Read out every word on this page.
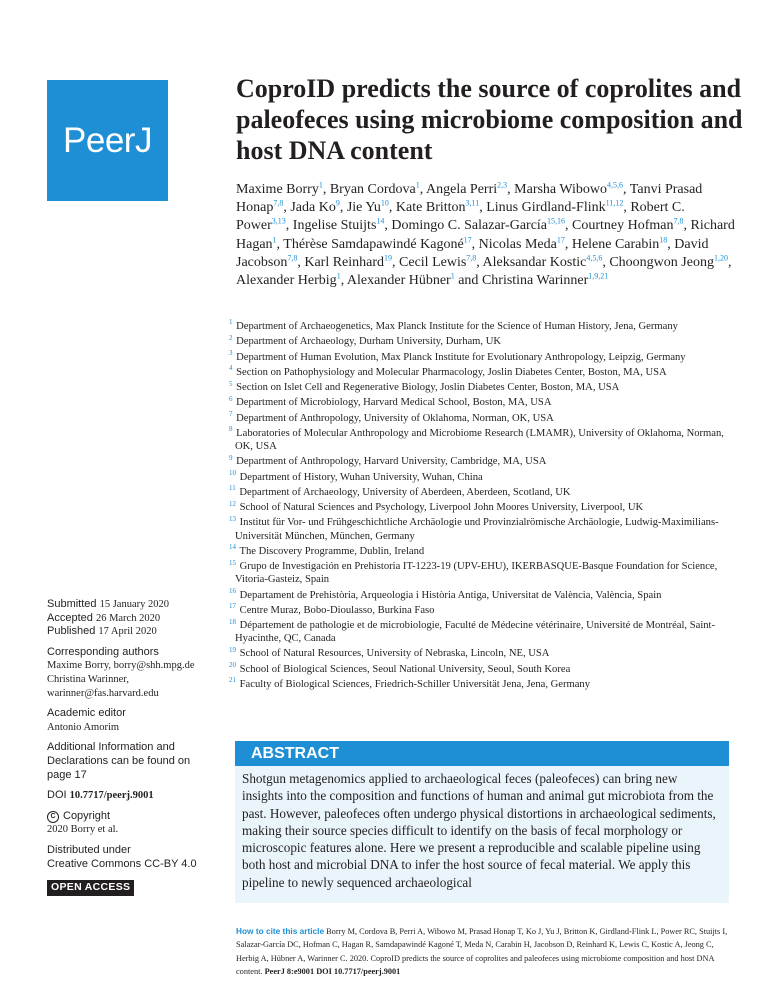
PeerJ
CoproID predicts the source of coprolites and paleofeces using microbiome composition and host DNA content
Maxime Borry$^1$, Bryan Cordova$^1$, Angela Perri$^{2,3}$, Marsha Wibowo$^{4,5,6}$, Tanvi Prasad Honap$^{7,8}$, Jada Ko$^9$, Jie Yu$^{10}$, Kate Britton$^{3,11}$, Linus Girdland-Flink$^{11,12}$, Robert C. Power$^{3,13}$, Ingelise Stuijts$^{14}$, Domingo C. Salazar-García$^{15,16}$, Courtney Hofman$^{7,8}$, Richard Hagan$^1$, Thérèse Samdapawindé Kagoné$^{17}$, Nicolas Meda$^{17}$, Helene Carabin$^{18}$, David Jacobson$^{7,8}$, Karl Reinhard$^{19}$, Cecil Lewis$^{7,8}$, Aleksandar Kostic$^{4,5,6}$, Choongwon Jeong$^{1,20}$, Alexander Herbig$^1$, Alexander Hübner$^1$ and Christina Warinner$^{1,9,21}$
$^1$ Department of Archaeogenetics, Max Planck Institute for the Science of Human History, Jena, Germany
$^2$ Department of Archaeology, Durham University, Durham, UK
$^3$ Department of Human Evolution, Max Planck Institute for Evolutionary Anthropology, Leipzig, Germany
$^4$ Section on Pathophysiology and Molecular Pharmacology, Joslin Diabetes Center, Boston, MA, USA
$^5$ Section on Islet Cell and Regenerative Biology, Joslin Diabetes Center, Boston, MA, USA
$^6$ Department of Microbiology, Harvard Medical School, Boston, MA, USA
$^7$ Department of Anthropology, University of Oklahoma, Norman, OK, USA
$^8$ Laboratories of Molecular Anthropology and Microbiome Research (LMAMR), University of Oklahoma, Norman, OK, USA
$^9$ Department of Anthropology, Harvard University, Cambridge, MA, USA
$^{10}$ Department of History, Wuhan University, Wuhan, China
$^{11}$ Department of Archaeology, University of Aberdeen, Aberdeen, Scotland, UK
$^{12}$ School of Natural Sciences and Psychology, Liverpool John Moores University, Liverpool, UK
$^{13}$ Institut für Vor- und Frühgeschichtliche Archäologie und Provinzialrömische Archäologie, Ludwig-Maximilians-Universität München, München, Germany
$^{14}$ The Discovery Programme, Dublin, Ireland
$^{15}$ Grupo de Investigación en Prehistoria IT-1223-19 (UPV-EHU), IKERBASQUE-Basque Foundation for Science, Vitoria-Gasteiz, Spain
$^{16}$ Departament de Prehistòria, Arqueologia i Història Antiga, Universitat de València, València, Spain
$^{17}$ Centre Muraz, Bobo-Dioulasso, Burkina Faso
$^{18}$ Département de pathologie et de microbiologie, Faculté de Médecine vétérinaire, Université de Montréal, Saint-Hyacinthe, QC, Canada
$^{19}$ School of Natural Resources, University of Nebraska, Lincoln, NE, USA
$^{20}$ School of Biological Sciences, Seoul National University, Seoul, South Korea
$^{21}$ Faculty of Biological Sciences, Friedrich-Schiller Universität Jena, Jena, Germany
Submitted 15 January 2020
Accepted 26 March 2020
Published 17 April 2020
Corresponding authors
Maxime Borry, borry@shh.mpg.de
Christina Warinner,
warinner@fas.harvard.edu
Academic editor
Antonio Amorim
Additional Information and Declarations can be found on page 17
DOI 10.7717/peerj.9001
C Copyright
2020 Borry et al.
Distributed under
Creative Commons CC-BY 4.0
OPEN ACCESS
ABSTRACT
Shotgun metagenomics applied to archaeological feces (paleofeces) can bring new insights into the composition and functions of human and animal gut microbiota from the past. However, paleofeces often undergo physical distortions in archaeological sediments, making their source species difficult to identify on the basis of fecal morphology or microscopic features alone. Here we present a reproducible and scalable pipeline using both host and microbial DNA to infer the host source of fecal material. We apply this pipeline to newly sequenced archaeological
How to cite this article Borry M, Cordova B, Perri A, Wibowo M, Prasad Honap T, Ko J, Yu J, Britton K, Girdland-Flink L, Power RC, Stuijts I, Salazar-García DC, Hofman C, Hagan R, Samdapawindé Kagoné T, Meda N, Carabin H, Jacobson D, Reinhard K, Lewis C, Kostic A, Jeong C, Herbig A, Hübner A, Warinner C. 2020. CoproID predicts the source of coprolites and paleofeces using microbiome composition and host DNA content. PeerJ 8:e9001 DOI 10.7717/peerj.9001
